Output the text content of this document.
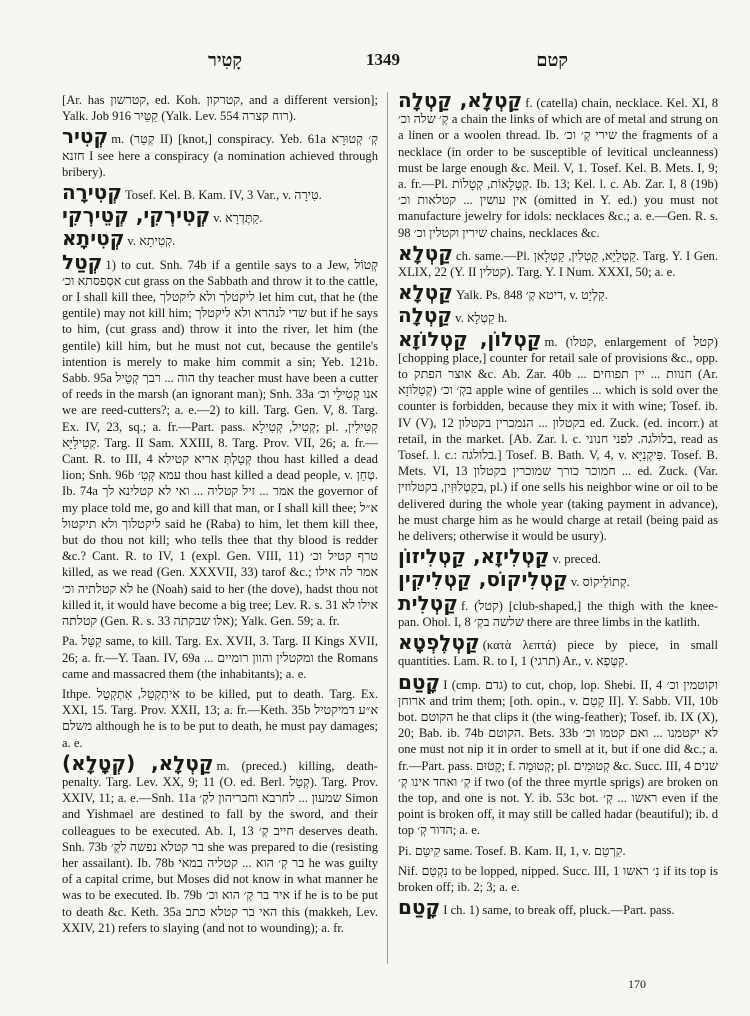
קָטִיר	1349	קטם

[Ar. has קטרשון, ed. Koh. קטרקון, and a different version]; Yalk. Job 916 קַטֵּיר (Yalk. Lev. 554 רוח קצרה).

קְטִיר m. (קְטַר II) [knot,] conspiracy. Yeb. 61a קְ׳ קְטוּרָא חזנא I see here a conspiracy (a nomination achieved through bribery).

קְטִירָה Tosef. Kel. B. Kam. IV, 3 Var., v. טִירָה.

קְטִירְקִי, קְטֵירְקִי v. קַתֶּדְרָא.

קְטִיתָא v. קְטִיתָא.

קְטַל 1) to cut. Snh. 74b if a gentile says to a Jew, קְטוֹל אסְפסתא וכ׳ cut grass on the Sabbath and throw it to the cattle, or I shall kill thee, ליקטלך ולא ליקטלך let him cut, that he (the gentile) may not kill him; שדי לנהרא ולא ליקטלך but if he says to him, (cut grass and) throw it into the river, let him (the gentile) kill him, but he must not cut, because the gentile's intention is merely to make him commit a sin; Yeb. 121b. Sabb. 95a הוה ... רבך קְטֵיל thy teacher must have been a cutter of reeds in the marsh (an ignorant man); Snh. 33a אנו קְטִילֵי וכ׳ we are reed-cutters?; a. e.—2) to kill. Targ. Gen. V, 8. Targ. Ex. IV, 23, sq.; a. fr.—Part. pass. קְטִיל, קְטִילָא; pl. קְטִילִין, קְטִילַיָּא. Targ. II Sam. XXIII, 8. Targ. Prov. VII, 26; a. fr.—Cant. R. to III, 4 קְטַלְתְּ אריא קטילא thou hast killed a dead lion; Snh. 96b עמא קְטִ׳ thou hast killed a dead people, v. טְחַן. Ib. 74a אמר ... זיל קטליה ... ואי לא קטלינא לך the governor of my place told me, go and kill that man, or I shall kill thee; א״ל ליקטלוך ולא תיקטול said he (Raba) to him, let them kill thee, but do thou not kill; who tells thee that thy blood is redder &c.? Cant. R. to IV, 1 (expl. Gen. VIII, 11) טרף קטיל וכ׳ killed, as we read (Gen. XXXVII, 33) tarof &c.; אמר לה אילו לא קטלתיה וכ׳ he (Noah) said to her (the dove), hadst thou not killed it, it would have become a big tree; Lev. R. s. 31 אילו לא קטלתה (Gen. R. s. 33 אלו שבקתה); Yalk. Gen. 59; a. fr.

Pa. קַטֵּל same, to kill. Targ. Ex. XVII, 3. Targ. II Kings XVII, 26; a. fr.—Y. Taan. IV, 69a ... ומקטלין והוון רומיים the Romans came and massacred them (the inhabitants); a. e.

Ithpe. אִיתְקְטֵל, אִתְקְטֵל to be killed, put to death. Targ. Ex. XXI, 15. Targ. Prov. XXII, 13; a. fr.—Keth. 35b א״ע דמיקטיל משלם although he is to be put to death, he must pay damages; a. e.

קַטְלָא, (קְטָלָא) m. (preced.) killing, death-penalty. Targ. Lev. XX, 9; 11 (O. ed. Berl. קְטָל). Targ. Prov. XXIV, 11; a. e.—Snh. 11a שמעון ... לחרבא וחבריהון לקְ׳ Simon and Yishmael are destined to fall by the sword, and their colleagues to be executed. Ab. I, 13 חייב קְ׳ deserves death. Snh. 73b בר קטלא נפשה לקְ׳ she was prepared to die (resisting her assailant). Ib. 78b בר קְ׳ הוא ... קטליה במאי he was guilty of a capital crime, but Moses did not know in what manner he was to be executed. Ib. 79b איר בר קְ׳ הוא וכ׳ if he is to be put to death &c. Keth. 35a האי בר קטלא כתב this (makkeh, Lev. XXIV, 21) refers to slaying (and not to wounding); a. fr.

קַטְלָא, קַטְלָה f. (catella) chain, necklace. Kel. XI, 8 קְ׳ שלה וכ׳ a chain the links of which are of metal and strung on a linen or a woolen thread. Ib. שירי קְ׳ וכ׳ the fragments of a necklace (in order to be susceptible of levitical uncleanness) must be large enough &c. Meil. V, 1. Tosef. Kel. B. Mets. I, 9; a. fr.—Pl. קְטָלָאוֹת, קְטָלוֹת. Ib. 13; Kel. l. c. Ab. Zar. I, 8 (19b) אין עושין ... קטלאות וכ׳ (omitted in Y. ed.) you must not manufacture jewelry for idols: necklaces &c.; a. e.—Gen. R. s. 98 שירין וקטלין וכ׳ chains, necklaces &c.

קַטְלָא ch. same.—Pl. קַטְלַיָּא, קַטְלִין, קַטְלָאן. Targ. Y. I Gen. XLIX, 22 (Y. II קטלין). Targ. Y. I Num. XXXI, 50; a. e.

קַטְלָא Yalk. Ps. 848 דיטא קְ׳, v. קַלְיָט.

קַטְלָה v. קַטְלָא h.

קַטְלוֹן, קַטְלוֹזָא m. (קטלו, enlargement of קטל) [chopping place,] counter for retail sale of provisions &c., opp. to אוצר הפתק &c. Ab. Zar. 40b ... חנוות ... יין תפוחים (Ar. קְטַלוֹזָא) בקְ׳ וכ׳ apple wine of gentiles ... which is sold over the counter is forbidden, because they mix it with wine; Tosef. ib. IV (V), 12 בקטלון ... הנמכרין בקטלון ed. Zuck. (ed. incorr.) at retail, in the market. [Ab. Zar. l. c. בלולגה. לפני חנוני, read as Tosef. l. c.: בלולגה.] Tosef. B. Bath. V, 4, v. פִּיקְנִיָּא. Tosef. B. Mets. VI, 13 חמוכר כורך שמוכרין בקטלון ... ed. Zuck. (Var. בקַטְלוּזִין, בקטלוזין, pl.) if one sells his neighbor wine or oil to be delivered during the whole year (taking payment in advance), he must charge him as he would charge at retail (being paid as he delivers; otherwise it would be usury).

קַטְלִיזָא, קַטְלִיזוֹן v. preced.

קַטְלִיקוֹס, קַטְלִיקִין v. קְתוֹלִיקוֹס.

קַטְלִית f. (קטל) [club-shaped,] the thigh with the knee-pan. Ohol. I, 8 שלשה בקְ׳ there are three limbs in the katlith.

קַטְלֶפְטָא (κατὰ λεπτά) piece by piece, in small quantities. Lam. R. to I, 1 (תרגי) Ar., v. קִטְּפְא.

קָטַם I (cmp. גדם) to cut, chop, lop. Shebi. II, 4 וקוטמין וכ׳ ארוחן and trim them; [oth. opin., v. קָטַם II]. Y. Sabb. VII, 10b bot. הקוטם he that clips it (the wing-feather); Tosef. ib. IX (X), 20; Bab. ib. 74b הקוטם. Bets. 33b לא יקטמנו ... ואם קטמו וכ׳ one must not nip it in order to smell at it, but if one did &c.; a. fr.—Part. pass. קָטוּם; f. קְטוּמָה; pl. קְטוּמִים &c. Succ. III, 4 שנים קְ׳ ואחד אינו קְ׳ if two (of the three myrtle sprigs) are broken on the top, and one is not. Y. ib. 53c bot. ראשו ... קְ׳ even if the point is broken off, it may still be called hadar (beautiful); ib. d top הדור קְ׳; a. e.

Pi. קִיטֵּם same. Tosef. B. Kam. II, 1, v. קִרְטֵם.

Nif. נִקְטַם to be lopped, nipped. Succ. III, 1 נִ׳ ראשו if its top is broken off; ib. 2; 3; a. e.

קָטַם I ch. 1) same, to break off, pluck.—Part. pass.

170
